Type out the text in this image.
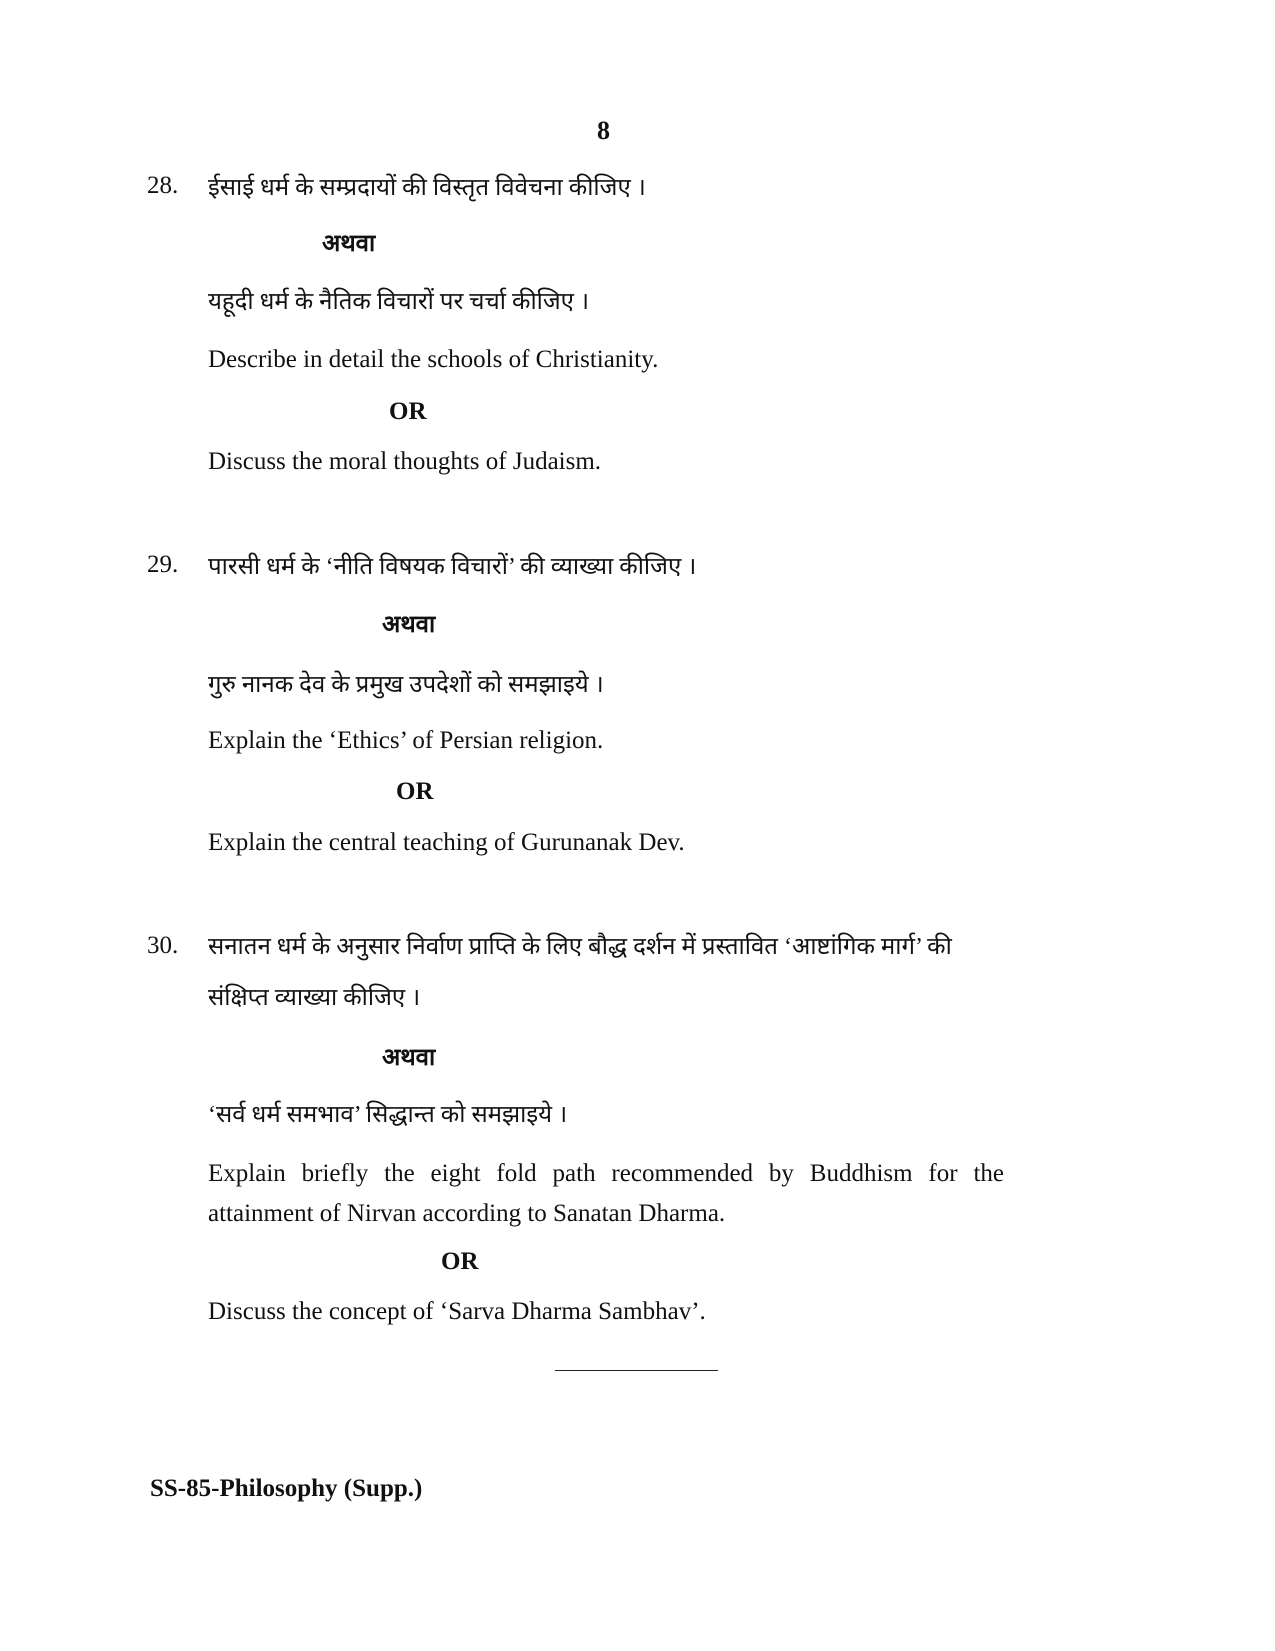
8
28. ईसाई धर्म के सम्प्रदायों की विस्तृत विवेचना कीजिए ।
अथवा
यहूदी धर्म के नैतिक विचारों पर चर्चा कीजिए ।
Describe in detail the schools of Christianity.
OR
Discuss the moral thoughts of Judaism.
29. पारसी धर्म के ‘नीति विषयक विचारों’ की व्याख्या कीजिए ।
अथवा
गुरु नानक देव के प्रमुख उपदेशों को समझाइये ।
Explain the ‘Ethics’ of Persian religion.
OR
Explain the central teaching of Gurunanak Dev.
30. सनातन धर्म के अनुसार निर्वाण प्राप्ति के लिए बौद्ध दर्शन में प्रस्तावित ‘आष्टांगिक मार्ग’ की
संक्षिप्त व्याख्या कीजिए ।
अथवा
‘सर्व धर्म समभाव’ सिद्धान्त को समझाइये ।
Explain briefly the eight fold path recommended by Buddhism for the attainment of Nirvan according to Sanatan Dharma.
OR
Discuss the concept of ‘Sarva Dharma Sambhav’.
SS-85-Philosophy (Supp.)
